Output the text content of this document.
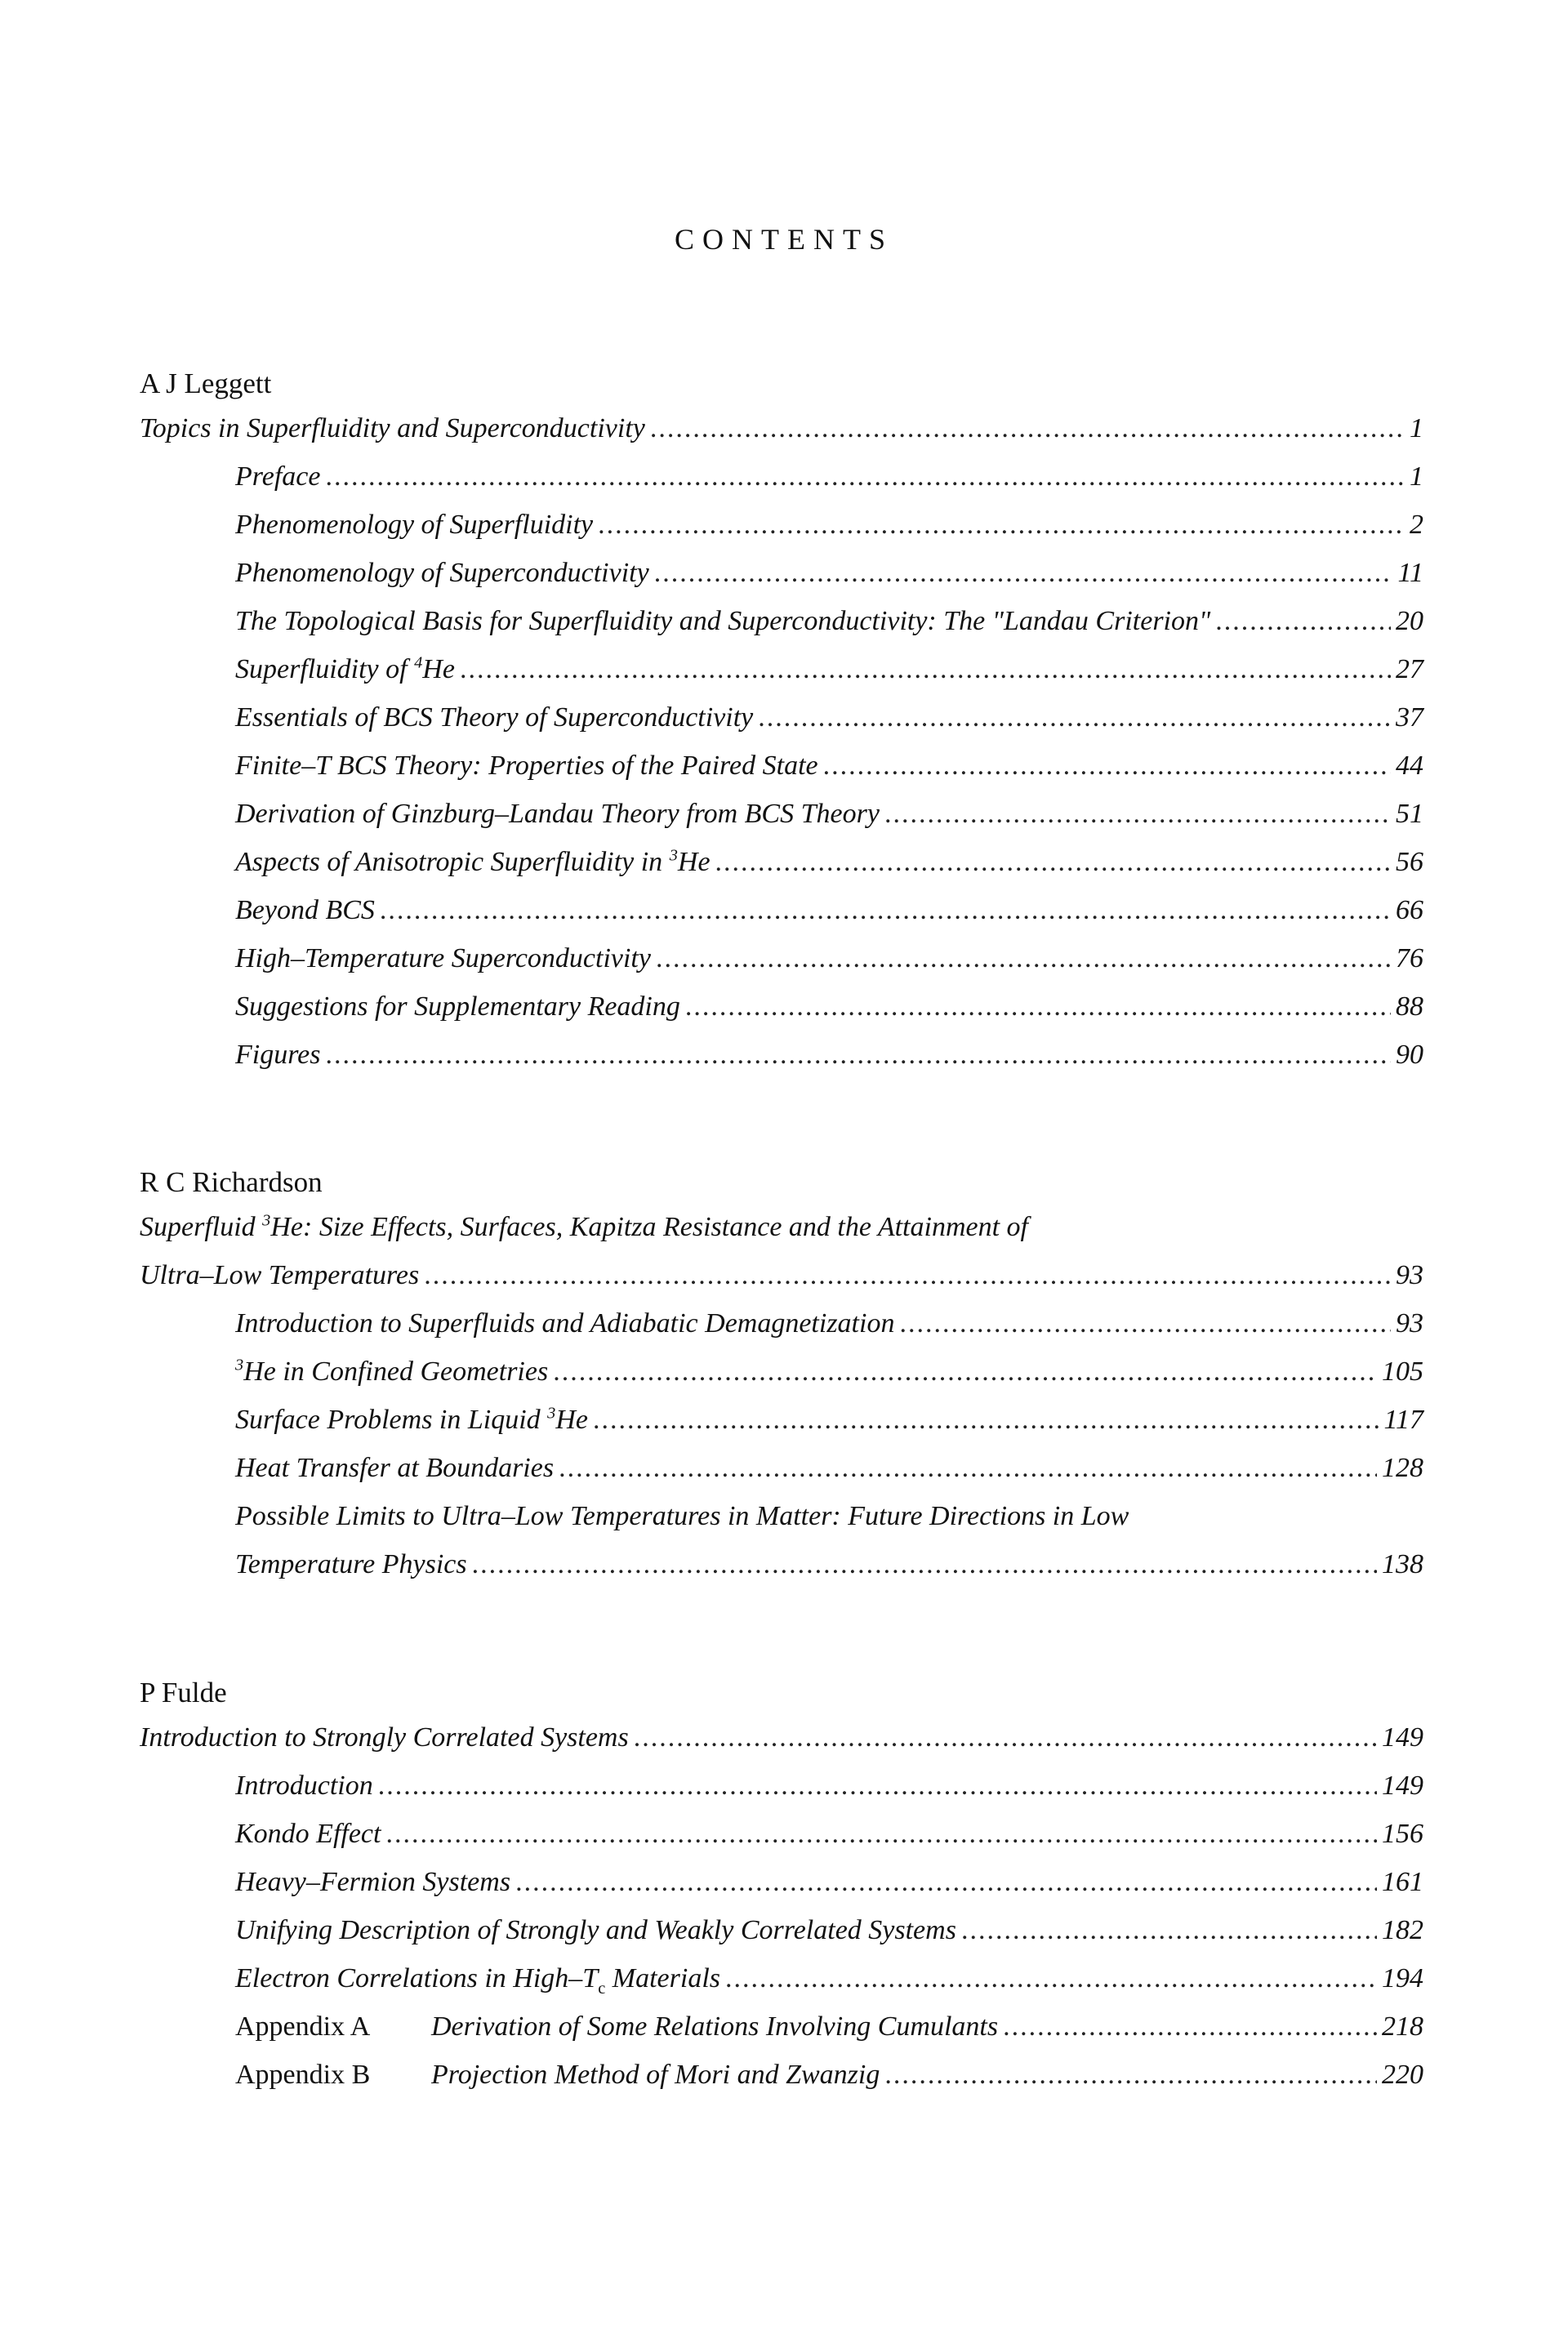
CONTENTS
A J Leggett
Topics in Superfluidity and Superconductivity .....	1
Preface .....	1
Phenomenology of Superfluidity .....	2
Phenomenology of Superconductivity .....	11
The Topological Basis for Superfluidity and Superconductivity: The "Landau Criterion" .....	20
Superfluidity of $^4$He .....	27
Essentials of BCS Theory of Superconductivity .....	37
Finite–T BCS Theory: Properties of the Paired State .....	44
Derivation of Ginzburg–Landau Theory from BCS Theory .....	51
Aspects of Anisotropic Superfluidity in $^3$He .....	56
Beyond BCS .....	66
High–Temperature Superconductivity .....	76
Suggestions for Supplementary Reading .....	88
Figures .....	90
R C Richardson
Superfluid $^3$He: Size Effects, Surfaces, Kapitza Resistance and the Attainment of
Ultra–Low Temperatures .....	93
Introduction to Superfluids and Adiabatic Demagnetization .....	93
$^3$He in Confined Geometries .....	105
Surface Problems in Liquid $^3$He .....	117
Heat Transfer at Boundaries .....	128
Possible Limits to Ultra–Low Temperatures in Matter: Future Directions in Low
Temperature Physics .....	138
P Fulde
Introduction to Strongly Correlated Systems .....	149
Introduction .....	149
Kondo Effect .....	156
Heavy–Fermion Systems .....	161
Unifying Description of Strongly and Weakly Correlated Systems .....	182
Electron Correlations in High–$T_c$ Materials .....	194
Appendix A Derivation of Some Relations Involving Cumulants .....	218
Appendix B Projection Method of Mori and Zwanzig .....	220
